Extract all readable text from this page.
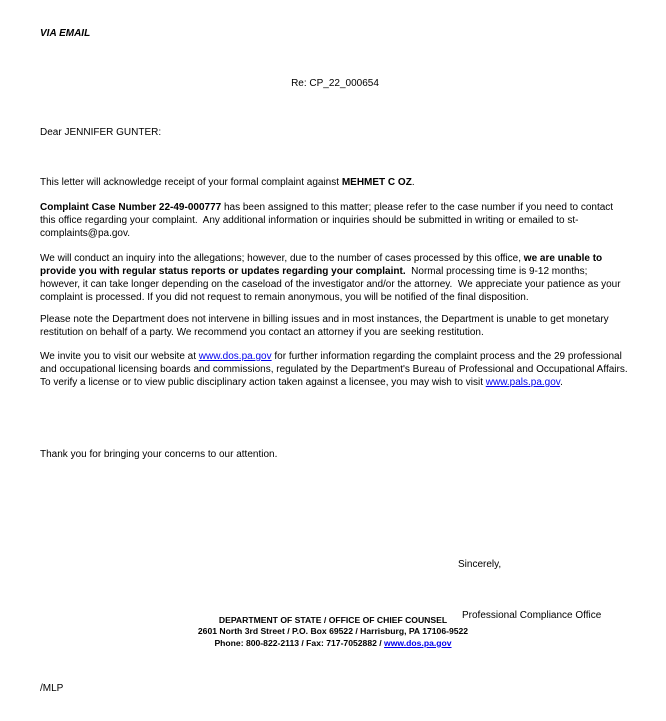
VIA EMAIL

Re: CP_22_000654

Dear JENNIFER GUNTER:

This letter will acknowledge receipt of your formal complaint against MEHMET C OZ.

Complaint Case Number 22-49-000777 has been assigned to this matter; please refer to the case number if you need to contact this office regarding your complaint.  Any additional information or inquiries should be submitted in writing or emailed to st-complaints@pa.gov.

We will conduct an inquiry into the allegations; however, due to the number of cases processed by this office, we are unable to provide you with regular status reports or updates regarding your complaint.  Normal processing time is 9-12 months; however, it can take longer depending on the caseload of the investigator and/or the attorney.  We appreciate your patience as your complaint is processed. If you did not request to remain anonymous, you will be notified of the final disposition.

Please note the Department does not intervene in billing issues and in most instances, the Department is unable to get monetary restitution on behalf of a party. We recommend you contact an attorney if you are seeking restitution.

We invite you to visit our website at www.dos.pa.gov for further information regarding the complaint process and the 29 professional and occupational licensing boards and commissions, regulated by the Department's Bureau of Professional and Occupational Affairs.  To verify a license or to view public disciplinary action taken against a licensee, you may wish to visit www.pals.pa.gov.

Thank you for bringing your concerns to our attention.

Sincerely,

Professional Compliance Office

/MLP

DEPARTMENT OF STATE / OFFICE OF CHIEF COUNSEL
2601 North 3rd Street / P.O. Box 69522 / Harrisburg, PA 17106-9522
Phone: 800-822-2113 / Fax: 717-7052882 / www.dos.pa.gov
